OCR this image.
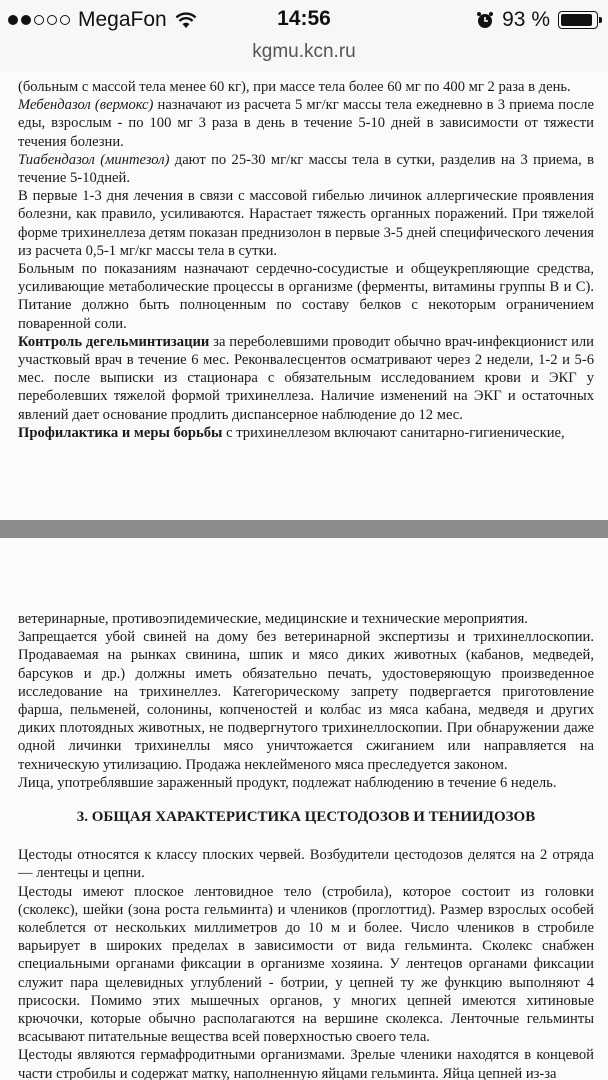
MegaFon	14:56	93 %
kgmu.kcn.ru

(больным с массой тела менее 60 кг), при массе тела более 60 мг по 400 мг 2 раза в день.

Мебендазол (вермокс) назначают из расчета 5 мг/кг массы тела ежедневно в 3 приема после еды, взрослым - по 100 мг 3 раза в день в течение 5-10 дней в зависимости от тяжести течения болезни.

Тиабендазол (минтезол) дают по 25-30 мг/кг массы тела в сутки, разделив на 3 приема, в течение 5-10дней.

В первые 1-3 дня лечения в связи с массовой гибелью личинок аллергические проявления болезни, как правило, усиливаются. Нарастает тяжесть органных поражений. При тяжелой форме трихинеллеза детям показан преднизолон в первые 3-5 дней специфического лечения из расчета 0,5-1 мг/кг массы тела в сутки.

Больным по показаниям назначают сердечно-сосудистые и общеукрепляющие средства, усиливающие метаболические процессы в организме (ферменты, витамины группы В и С). Питание должно быть полноценным по составу белков с некоторым ограничением поваренной соли.

Контроль дегельминтизации за переболевшими проводит обычно врач-инфекционист или участковый врач в течение 6 мес. Реконвалесцентов осматривают через 2 недели, 1-2 и 5-6 мес. после выписки из стационара с обязательным исследованием крови и ЭКГ у переболевших тяжелой формой трихинеллеза. Наличие изменений на ЭКГ и остаточных явлений дает основание продлить диспансерное наблюдение до 12 мес.

Профилактика и меры борьбы с трихинеллезом включают санитарно-гигиенические,

ветеринарные, противоэпидемические, медицинские и технические мероприятия.

Запрещается убой свиней на дому без ветеринарной экспертизы и трихинеллоскопии. Продаваемая на рынках свинина, шпик и мясо диких животных (кабанов, медведей, барсуков и др.) должны иметь обязательно печать, удостоверяющую произведенное исследование на трихинеллез. Категорическому запрету подвергается приготовление фарша, пельменей, солонины, копченостей и колбас из мяса кабана, медведя и других диких плотоядных животных, не подвергнутого трихинеллоскопии. При обнаружении даже одной личинки трихинеллы мясо уничтожается сжиганием или направляется на техническую утилизацию. Продажа неклейменого мяса преследуется законом.

Лица, употреблявшие зараженный продукт, подлежат наблюдению в течение 6 недель.

3. ОБЩАЯ ХАРАКТЕРИСТИКА ЦЕСТОДОЗОВ И ТЕНИИДОЗОВ

Цестоды относятся к классу плоских червей. Возбудители цестодозов делятся на 2 отряда — лентецы и цепни.

Цестоды имеют плоское лентовидное тело (стробила), которое состоит из головки (сколекс), шейки (зона роста гельминта) и члеников (проглоттид). Размер взрослых особей колеблется от нескольких миллиметров до 10 м и более. Число члеников в стробиле варьирует в широких пределах в зависимости от вида гельминта. Сколекс снабжен специальными органами фиксации в организме хозяина. У лентецов органами фиксации служит пара щелевидных углублений - ботрии, у цепней ту же функцию выполняют 4 присоски. Помимо этих мышечных органов, у многих цепней имеются хитиновые крючочки, которые обычно располагаются на вершине сколекса. Ленточные гельминты всасывают питательные вещества всей поверхностью своего тела.

Цестоды являются гермафродитными организмами. Зрелые членики находятся в концевой части стробилы и содержат матку, наполненную яйцами гельминта. Яйца цепней из-за
